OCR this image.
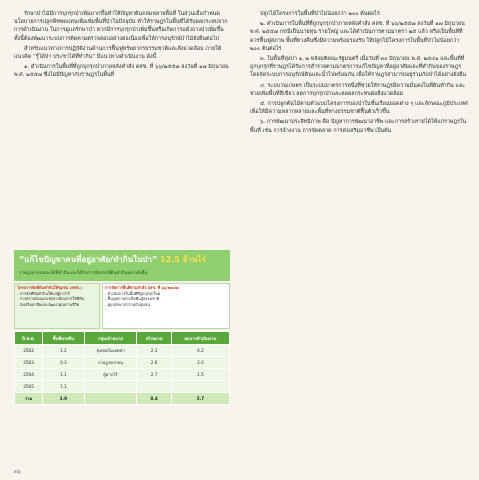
รักษาป่าไม้มีการบุกรุกป่าเพิ่มมากขึ้นทำให้ปัญหาดินถล่มหลายพื้นที่ ในส่วนเมื่อกำหนดนโยบายการปลูกพืชทดแทนเพื่อเพิ่มพื้นที่ป่าในปัจจุบัน ทำให้ราษฎรในพื้นที่ได้รับผลกระทบจากการดำเนินงาน ในการดูแลรักษาป่า หากมีการบุกรุกป่าเพิ่มขึ้นหรือเกิดการแผ้วถางป่าเพิ่มขึ้น ทั้งนี้ต้องพัฒนาระบบการติดตามตรวจสอบอย่างต่อเนื่องเพื่อให้การอนุรักษ์ป่าไม้ยั่งยืนต่อไป

สำหรับแนวทางการปฏิบัติงานด้านการฟื้นฟูทรัพยากรธรรมชาติและสิ่งแวดล้อม ภายใต้แนวคิด “รู้ได้ป่า ประชาได้ที่ทำกิน” มีแนวทางดำเนินงาน ดังนี้

๑. ดำเนินการในพื้นที่ที่ถูกบุกรุกป่าภายหลังคำสั่ง คสช. ที่ ๖๖/๒๕๕๗ ลงวันที่ ๑๗ มิถุนายน พ.ศ. ๒๕๕๗ ซึ่งไม่มีปัญหากับราษฎรในพื้นที่

“แก้ไขปัญหาคนที่อยู่อาศัย/ทำกินในป่า” 12.5 ล้านไร่
ราษฎรยากจนจะได้ที่ทำกินและได้รับการจัดสรรที่ดินทำกินอย่างยั่งยืน
โครงการจัดที่ดินทำกินให้ชุมชน (คทช.)
- การจัดที่ดินทำกินให้แก่ผู้ยากไร้
- การตรวจสอบและจัดระเบียบการใช้ที่ดิน
- ส่งเสริมอาชีพและพัฒนาคุณภาพชีวิต
การจัดการพื้นที่ตามคำสั่ง คสช. ที่ ๖๖/๒๕๕๗
- ดำเนินการในพื้นที่ที่ถูกบุกรุกใหม่
- ฟื้นฟูสภาพป่าเพื่อคืนสู่ธรรมชาติ
- ดูแลรักษาป่าร่วมกับชุมชน
ปี พ.ศ.	พื้นที่ทวงคืน	กลุ่มเป้าหมาย	เป้าหมาย	ผลการดำเนินงาน
2562	1.2	ชุมชนในเขตป่า	2.1	4.2
2563	0.3	ราษฎรยากจน	2.6	2.0
2564	1.1	ผู้ยากไร้	2.7	1.5
2565	1.1			
รวม	3.9		8.4	5.7

ปลูกไม้โครงการในพื้นที่ป่าไม่น้อยกว่า ๒๐๐ ต้นต่อไร่

๒. ดำเนินการในพื้นที่ที่ถูกบุกรุกป่าภายหลังคำสั่ง คสช. ที่ ๖๖/๒๕๕๗ ลงวันที่ ๑๗ มิถุนายน พ.ศ. ๒๕๕๗ กรณีเป็นนายทุน รายใหญ่ และได้ดำเนินการตามมาตรา ๒๕ แล้ว หรือเป็นพื้นที่ที่ควรฟื้นฟูสภาพ พื้นที่ทวงคืนซึ่งมีความพร้อมรองรับ ให้ปลูกไม้โครงการในพื้นที่ป่าไม่น้อยกว่า ๒๐๐ ต้นต่อไร่

๓. ในพื้นที่ทุ่งป่า ๑, ๒ หลังมติคณะรัฐมนตรี เมื่อวันที่ ๓๐ มิถุนายน พ.ศ. ๒๕๔๑ และพื้นที่ที่ถูกบุกรุกที่ราษฎรได้รับการสำรวจตามมาตรการแก้ไขปัญหาที่อยู่อาศัยและที่ทำกินของราษฎร โดยจัดระบบการอนุรักษ์ดินและน้ำไปพร้อมกัน เพื่อให้ราษฎรสามารถอยู่ร่วมกับป่าได้อย่างยั่งยืน

๔. ระบบวนเกษตร เป็นระบบมาตรการหนึ่งที่ช่วยให้ราษฎรมีความมั่นคงในที่ดินทำกิน และช่วยเพิ่มพื้นที่สีเขียว ลดการบุกรุกป่าและลดผลกระทบต่อสิ่งแวดล้อม

๕. การปลูกต้นไม้ตามตัวแบบโครงการของป่าในชั้นเรือนยอดต่าง ๆ และลักษณะภูมิประเทศ เพื่อให้มีความหลากหลายและพื้นที่ทางธรรมชาติฟื้นตัวเร็วขึ้น

๖. การพัฒนาประสิทธิภาพ คือ ปัญหาการพัฒนาอาชีพ และการสร้างรายได้ให้แก่ราษฎรในพื้นที่ เช่น การจ้างงาน การจัดตลาด การส่งเสริมอาชีพ เป็นต้น

๓๖
